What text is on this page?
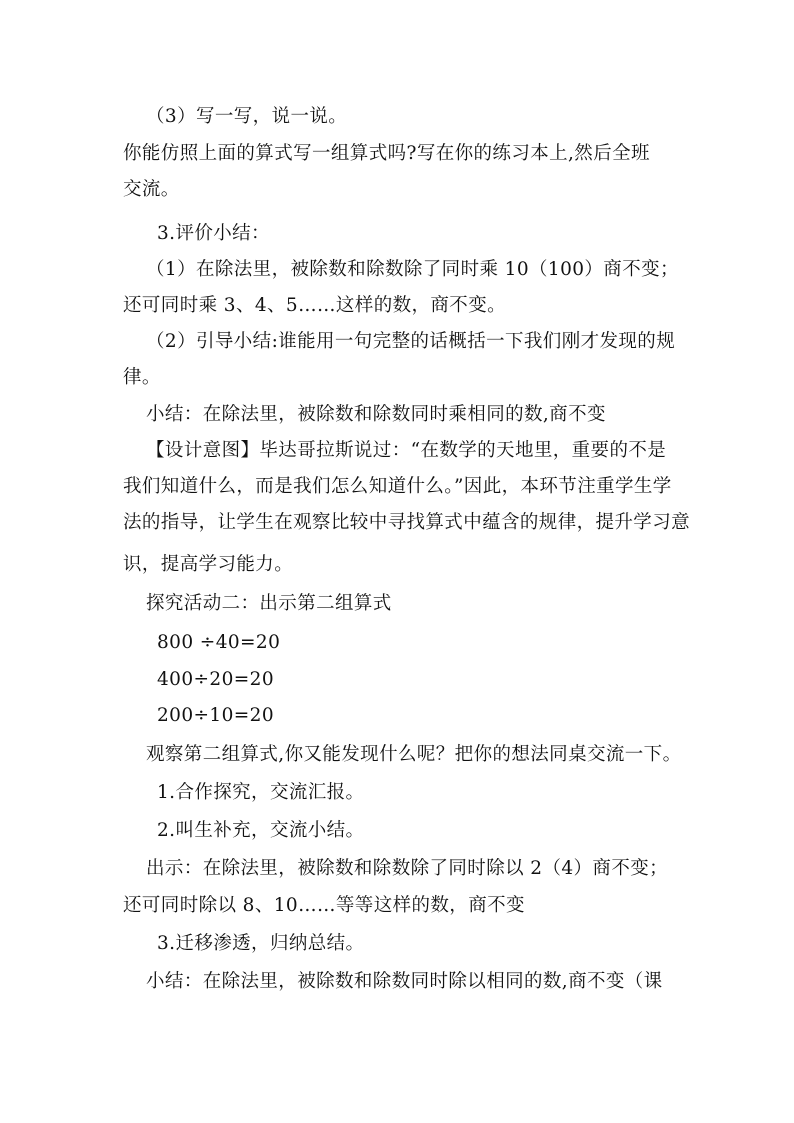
（3）写一写，说一说。
你能仿照上面的算式写一组算式吗?写在你的练习本上,然后全班
交流。
3.评价小结：
（1）在除法里，被除数和除数除了同时乘 10（100）商不变；
还可同时乘 3、4、5……这样的数，商不变。
（2）引导小结:谁能用一句完整的话概括一下我们刚才发现的规
律。
小结：在除法里，被除数和除数同时乘相同的数,商不变
【设计意图】毕达哥拉斯说过：“在数学的天地里，重要的不是
我们知道什么，而是我们怎么知道什么。”因此，本环节注重学生学
法的指导，让学生在观察比较中寻找算式中蕴含的规律，提升学习意
识，提高学习能力。
探究活动二：出示第二组算式
800 ÷40=20
400÷20=20
200÷10=20
观察第二组算式,你又能发现什么呢？把你的想法同桌交流一下。
1.合作探究，交流汇报。
2.叫生补充，交流小结。
出示：在除法里，被除数和除数除了同时除以 2（4）商不变；
还可同时除以 8、10……等等这样的数，商不变
3.迁移渗透，归纳总结。
小结：在除法里，被除数和除数同时除以相同的数,商不变（课
